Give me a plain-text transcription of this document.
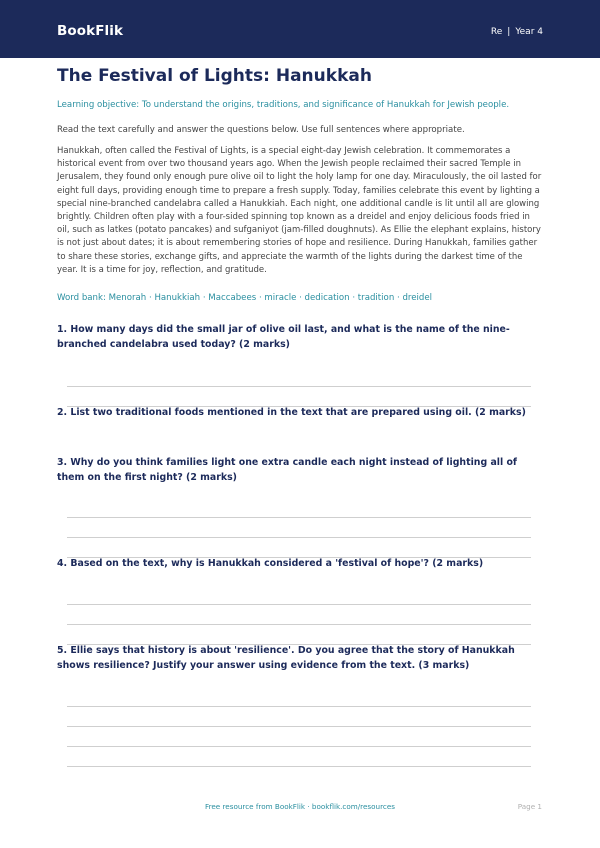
BookFlik	Re | Year 4
The Festival of Lights: Hanukkah

Learning objective: To understand the origins, traditions, and significance of Hanukkah for Jewish people.

Read the text carefully and answer the questions below. Use full sentences where appropriate.

Hanukkah, often called the Festival of Lights, is a special eight-day Jewish celebration. It commemorates a historical event from over two thousand years ago. When the Jewish people reclaimed their sacred Temple in Jerusalem, they found only enough pure olive oil to light the holy lamp for one day. Miraculously, the oil lasted for eight full days, providing enough time to prepare a fresh supply. Today, families celebrate this event by lighting a special nine-branched candelabra called a Hanukkiah. Each night, one additional candle is lit until all are glowing brightly. Children often play with a four-sided spinning top known as a dreidel and enjoy delicious foods fried in oil, such as latkes (potato pancakes) and sufganiyot (jam-filled doughnuts). As Ellie the elephant explains, history is not just about dates; it is about remembering stories of hope and resilience. During Hanukkah, families gather to share these stories, exchange gifts, and appreciate the warmth of the lights during the darkest time of the year. It is a time for joy, reflection, and gratitude.

Word bank: Menorah · Hanukkiah · Maccabees · miracle · dedication · tradition · dreidel

1. How many days did the small jar of olive oil last, and what is the name of the nine-branched candelabra used today? (2 marks)

2. List two traditional foods mentioned in the text that are prepared using oil. (2 marks)

3. Why do you think families light one extra candle each night instead of lighting all of them on the first night? (2 marks)

4. Based on the text, why is Hanukkah considered a 'festival of hope'? (2 marks)

5. Ellie says that history is about 'resilience'. Do you agree that the story of Hanukkah shows resilience? Justify your answer using evidence from the text. (3 marks)

Free resource from BookFlik · bookflik.com/resources	Page 1
